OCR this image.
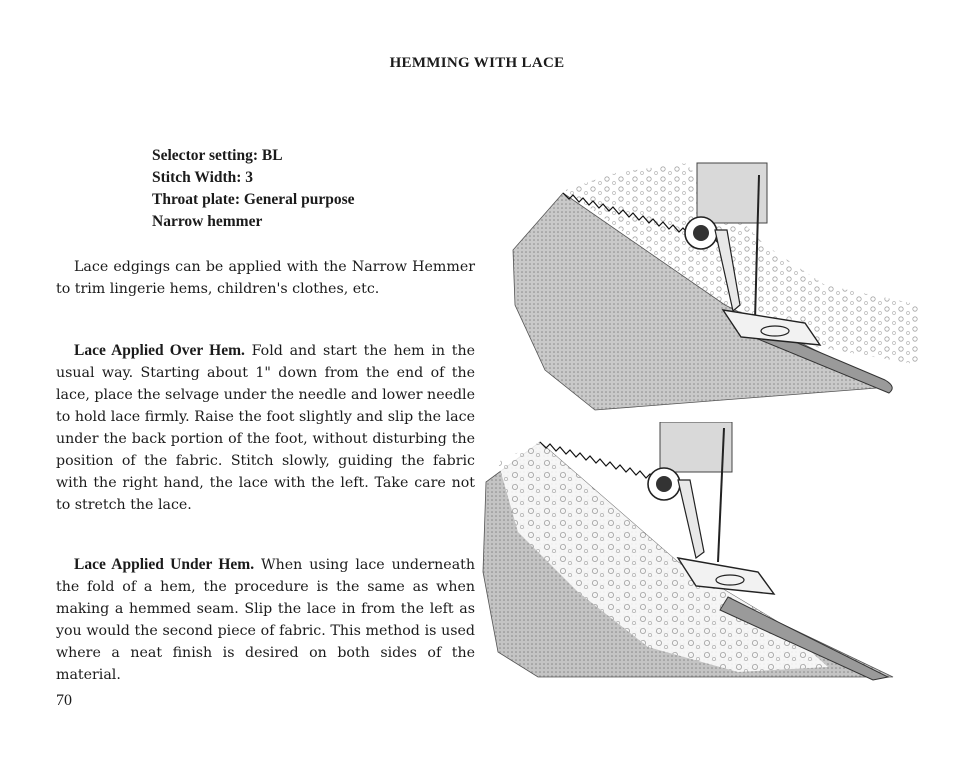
HEMMING WITH LACE
Selector setting: BL
Stitch Width: 3
Throat plate: General purpose
Narrow hemmer

Lace edgings can be applied with the Narrow Hemmer to trim lingerie hems, children's clothes, etc.

Lace Applied Over Hem. Fold and start the hem in the usual way. Starting about 1" down from the end of the lace, place the selvage under the needle and lower needle to hold lace firmly. Raise the foot slightly and slip the lace under the back portion of the foot, without disturbing the position of the fabric. Stitch slowly, guiding the fabric with the right hand, the lace with the left. Take care not to stretch the lace.

Lace Applied Under Hem. When using lace underneath the fold of a hem, the procedure is the same as when making a hemmed seam. Slip the lace in from the left as you would the second piece of fabric. This method is used where a neat finish is desired on both sides of the material.

70
